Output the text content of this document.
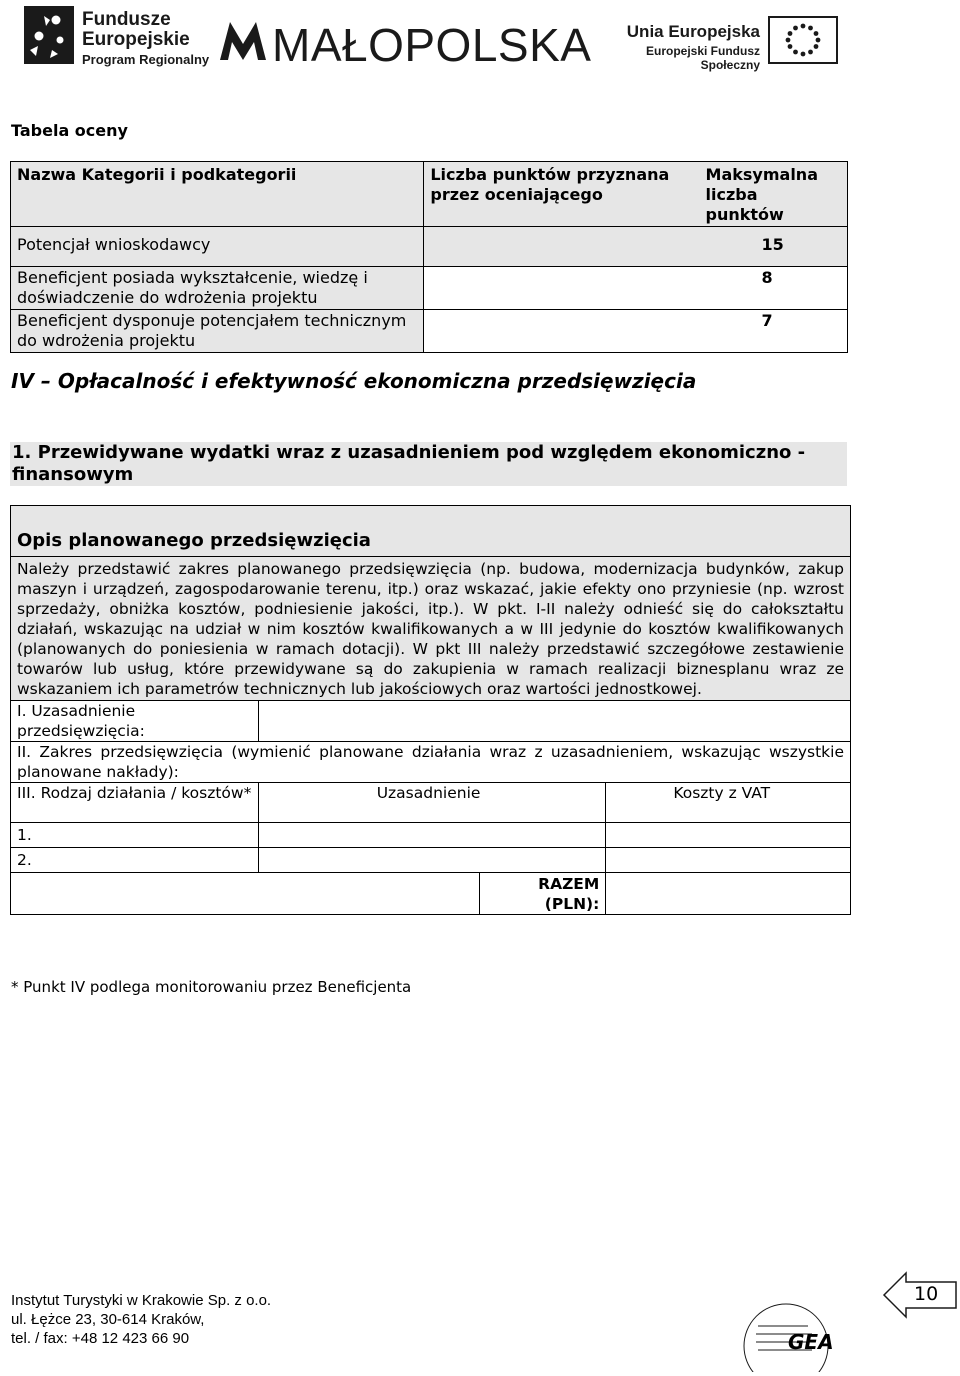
Fundusze
Europejskie
Program Regionalny MAŁOPOLSKA	Unia Europejska
Europejski Fundusz Społeczny
Tabela oceny
Nazwa Kategorii i podkategorii	Liczba punktów przyznana przez oceniającego	Maksymalna liczba punktów
Potencjał wnioskodawcy		15
Beneficjent posiada wykształcenie, wiedzę i doświadczenie do wdrożenia projektu		8
Beneficjent dysponuje potencjałem technicznym do wdrożenia projektu		7
IV – Opłacalność i efektywność ekonomiczna przedsięwzięcia
1. Przewidywane wydatki wraz z uzasadnieniem pod względem ekonomiczno - finansowym
Opis planowanego przedsięwzięcia			
Należy przedstawić zakres planowanego przedsięwzięcia (np. budowa, modernizacja budynków, zakup maszyn i urządzeń, zagospodarowanie terenu, itp.) oraz wskazać, jakie efekty ono przyniesie (np. wzrost sprzedaży, obniżka kosztów, podniesienie jakości, itp.). W pkt. I-II należy odnieść się do całokształtu działań, wskazując na udział w nim kosztów kwalifikowanych a w III jedynie do kosztów kwalifikowanych (planowanych do poniesienia w ramach dotacji). W pkt III należy przedstawić szczegółowe zestawienie towarów lub usług, które przewidywane są do zakupienia w ramach realizacji biznesplanu wraz ze wskazaniem ich parametrów technicznych lub jakościowych oraz wartości jednostkowej.			
I. Uzasadnienie przedsięwzięcia:			
II. Zakres przedsięwzięcia (wymienić planowane działania wraz z uzasadnieniem, wskazując wszystkie planowane nakłady):			
III. Rodzaj działania / kosztów*	Uzasadnienie		Koszty z VAT
1.			
2.			
		RAZEM (PLN):	
* Punkt IV podlega monitorowaniu przez Beneficjenta
Instytut Turystyki w Krakowie Sp. z o.o.
ul. Łężce 23, 30-614 Kraków,
tel. / fax: +48 12 423 66 90	GEA
10
